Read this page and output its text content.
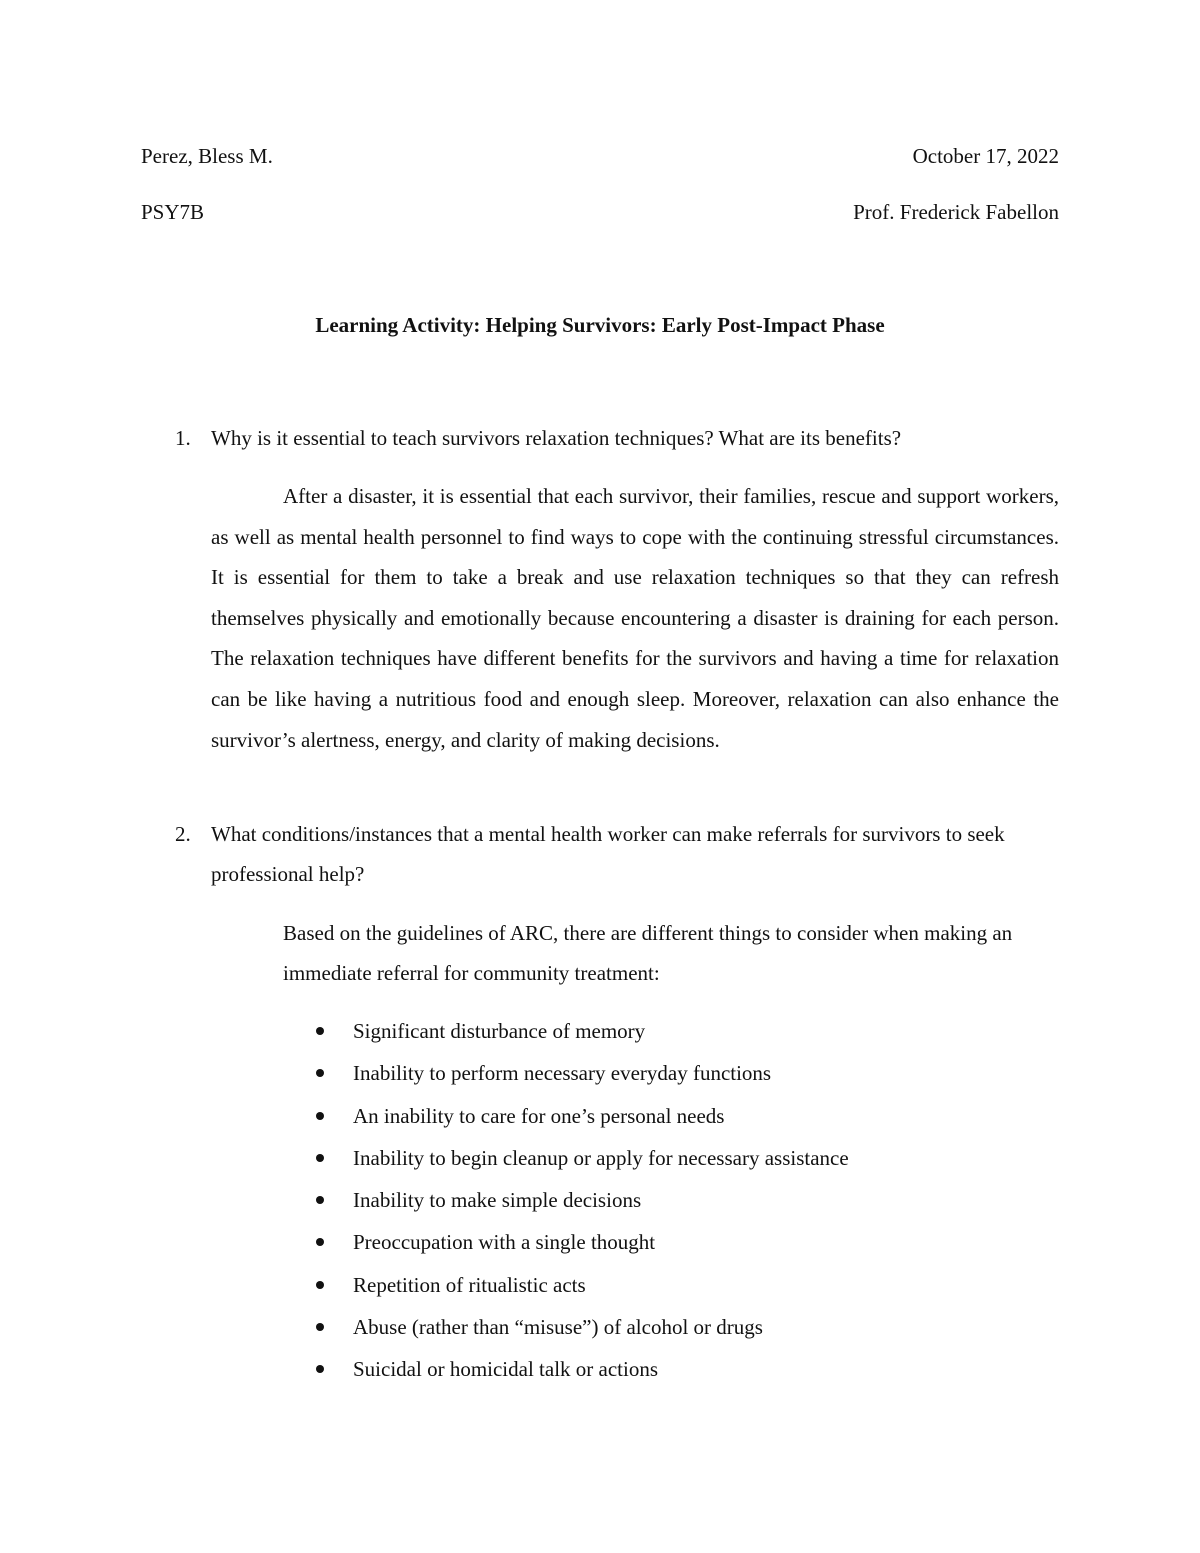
Perez, Bless M.	October 17, 2022
PSY7B	Prof. Frederick Fabellon
Learning Activity: Helping Survivors: Early Post-Impact Phase
1. Why is it essential to teach survivors relaxation techniques? What are its benefits?
After a disaster, it is essential that each survivor, their families, rescue and support workers, as well as mental health personnel to find ways to cope with the continuing stressful circumstances. It is essential for them to take a break and use relaxation techniques so that they can refresh themselves physically and emotionally because encountering a disaster is draining for each person. The relaxation techniques have different benefits for the survivors and having a time for relaxation can be like having a nutritious food and enough sleep. Moreover, relaxation can also enhance the survivor’s alertness, energy, and clarity of making decisions.
2. What conditions/instances that a mental health worker can make referrals for survivors to seek professional help?
Based on the guidelines of ARC, there are different things to consider when making an immediate referral for community treatment:
Significant disturbance of memory
Inability to perform necessary everyday functions
An inability to care for one’s personal needs
Inability to begin cleanup or apply for necessary assistance
Inability to make simple decisions
Preoccupation with a single thought
Repetition of ritualistic acts
Abuse (rather than “misuse”) of alcohol or drugs
Suicidal or homicidal talk or actions
